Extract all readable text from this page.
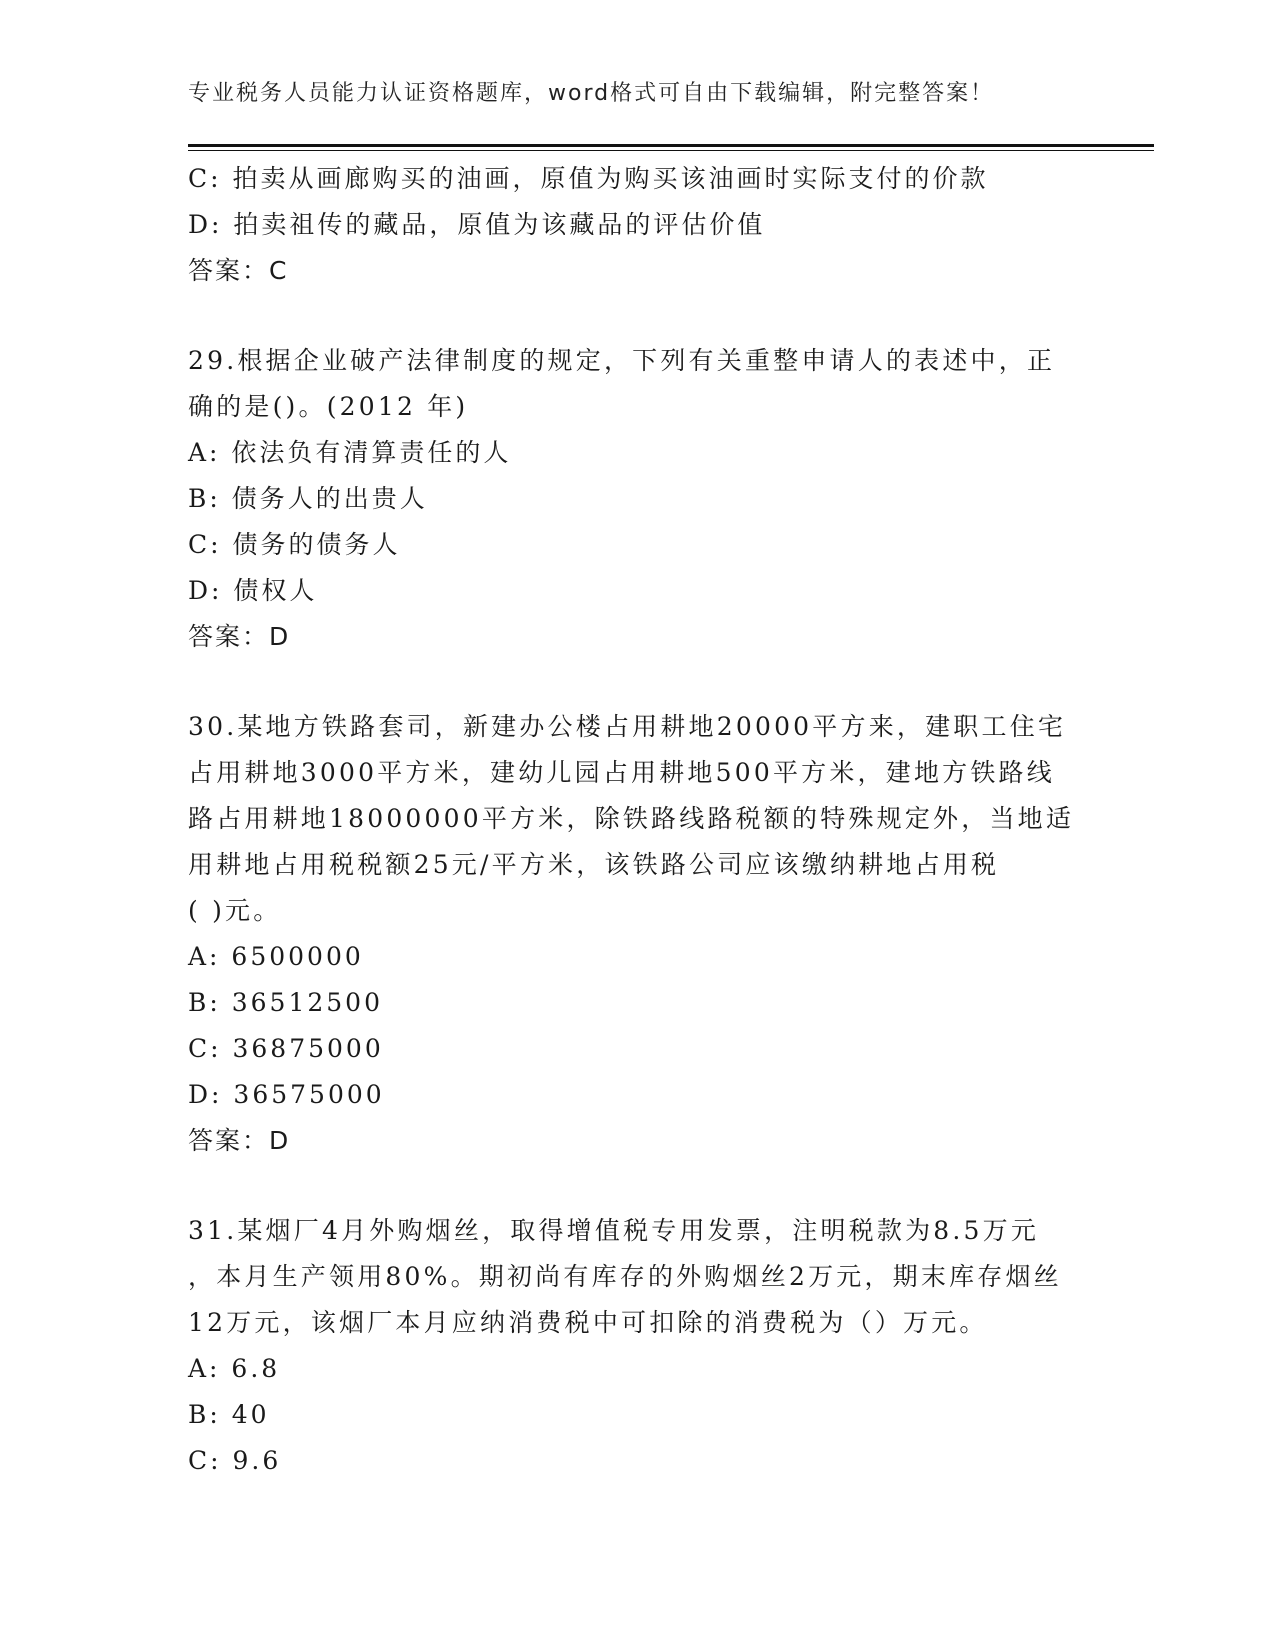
专业税务人员能力认证资格题库，word格式可自由下载编辑，附完整答案！
C: 拍卖从画廊购买的油画，原值为购买该油画时实际支付的价款
D: 拍卖祖传的藏品，原值为该藏品的评估价值
答案：C
29.根据企业破产法律制度的规定，下列有关重整申请人的表述中，正
确的是()。(2012 年)
A: 依法负有清算责任的人
B: 债务人的出贵人
C: 债务的债务人
D: 债权人
答案：D
30.某地方铁路套司，新建办公楼占用耕地20000平方来，建职工住宅
占用耕地3000平方米，建幼儿园占用耕地500平方米，建地方铁路线
路占用耕地18000000平方米，除铁路线路税额的特殊规定外，当地适
用耕地占用税税额25元/平方米，该铁路公司应该缴纳耕地占用税
( )元。
A: 6500000
B: 36512500
C: 36875000
D: 36575000
答案：D
31.某烟厂4月外购烟丝，取得增值税专用发票，注明税款为8.5万元
，本月生产领用80%。期初尚有库存的外购烟丝2万元，期末库存烟丝
12万元，该烟厂本月应纳消费税中可扣除的消费税为（）万元。
A: 6.8
B: 40
C: 9.6
